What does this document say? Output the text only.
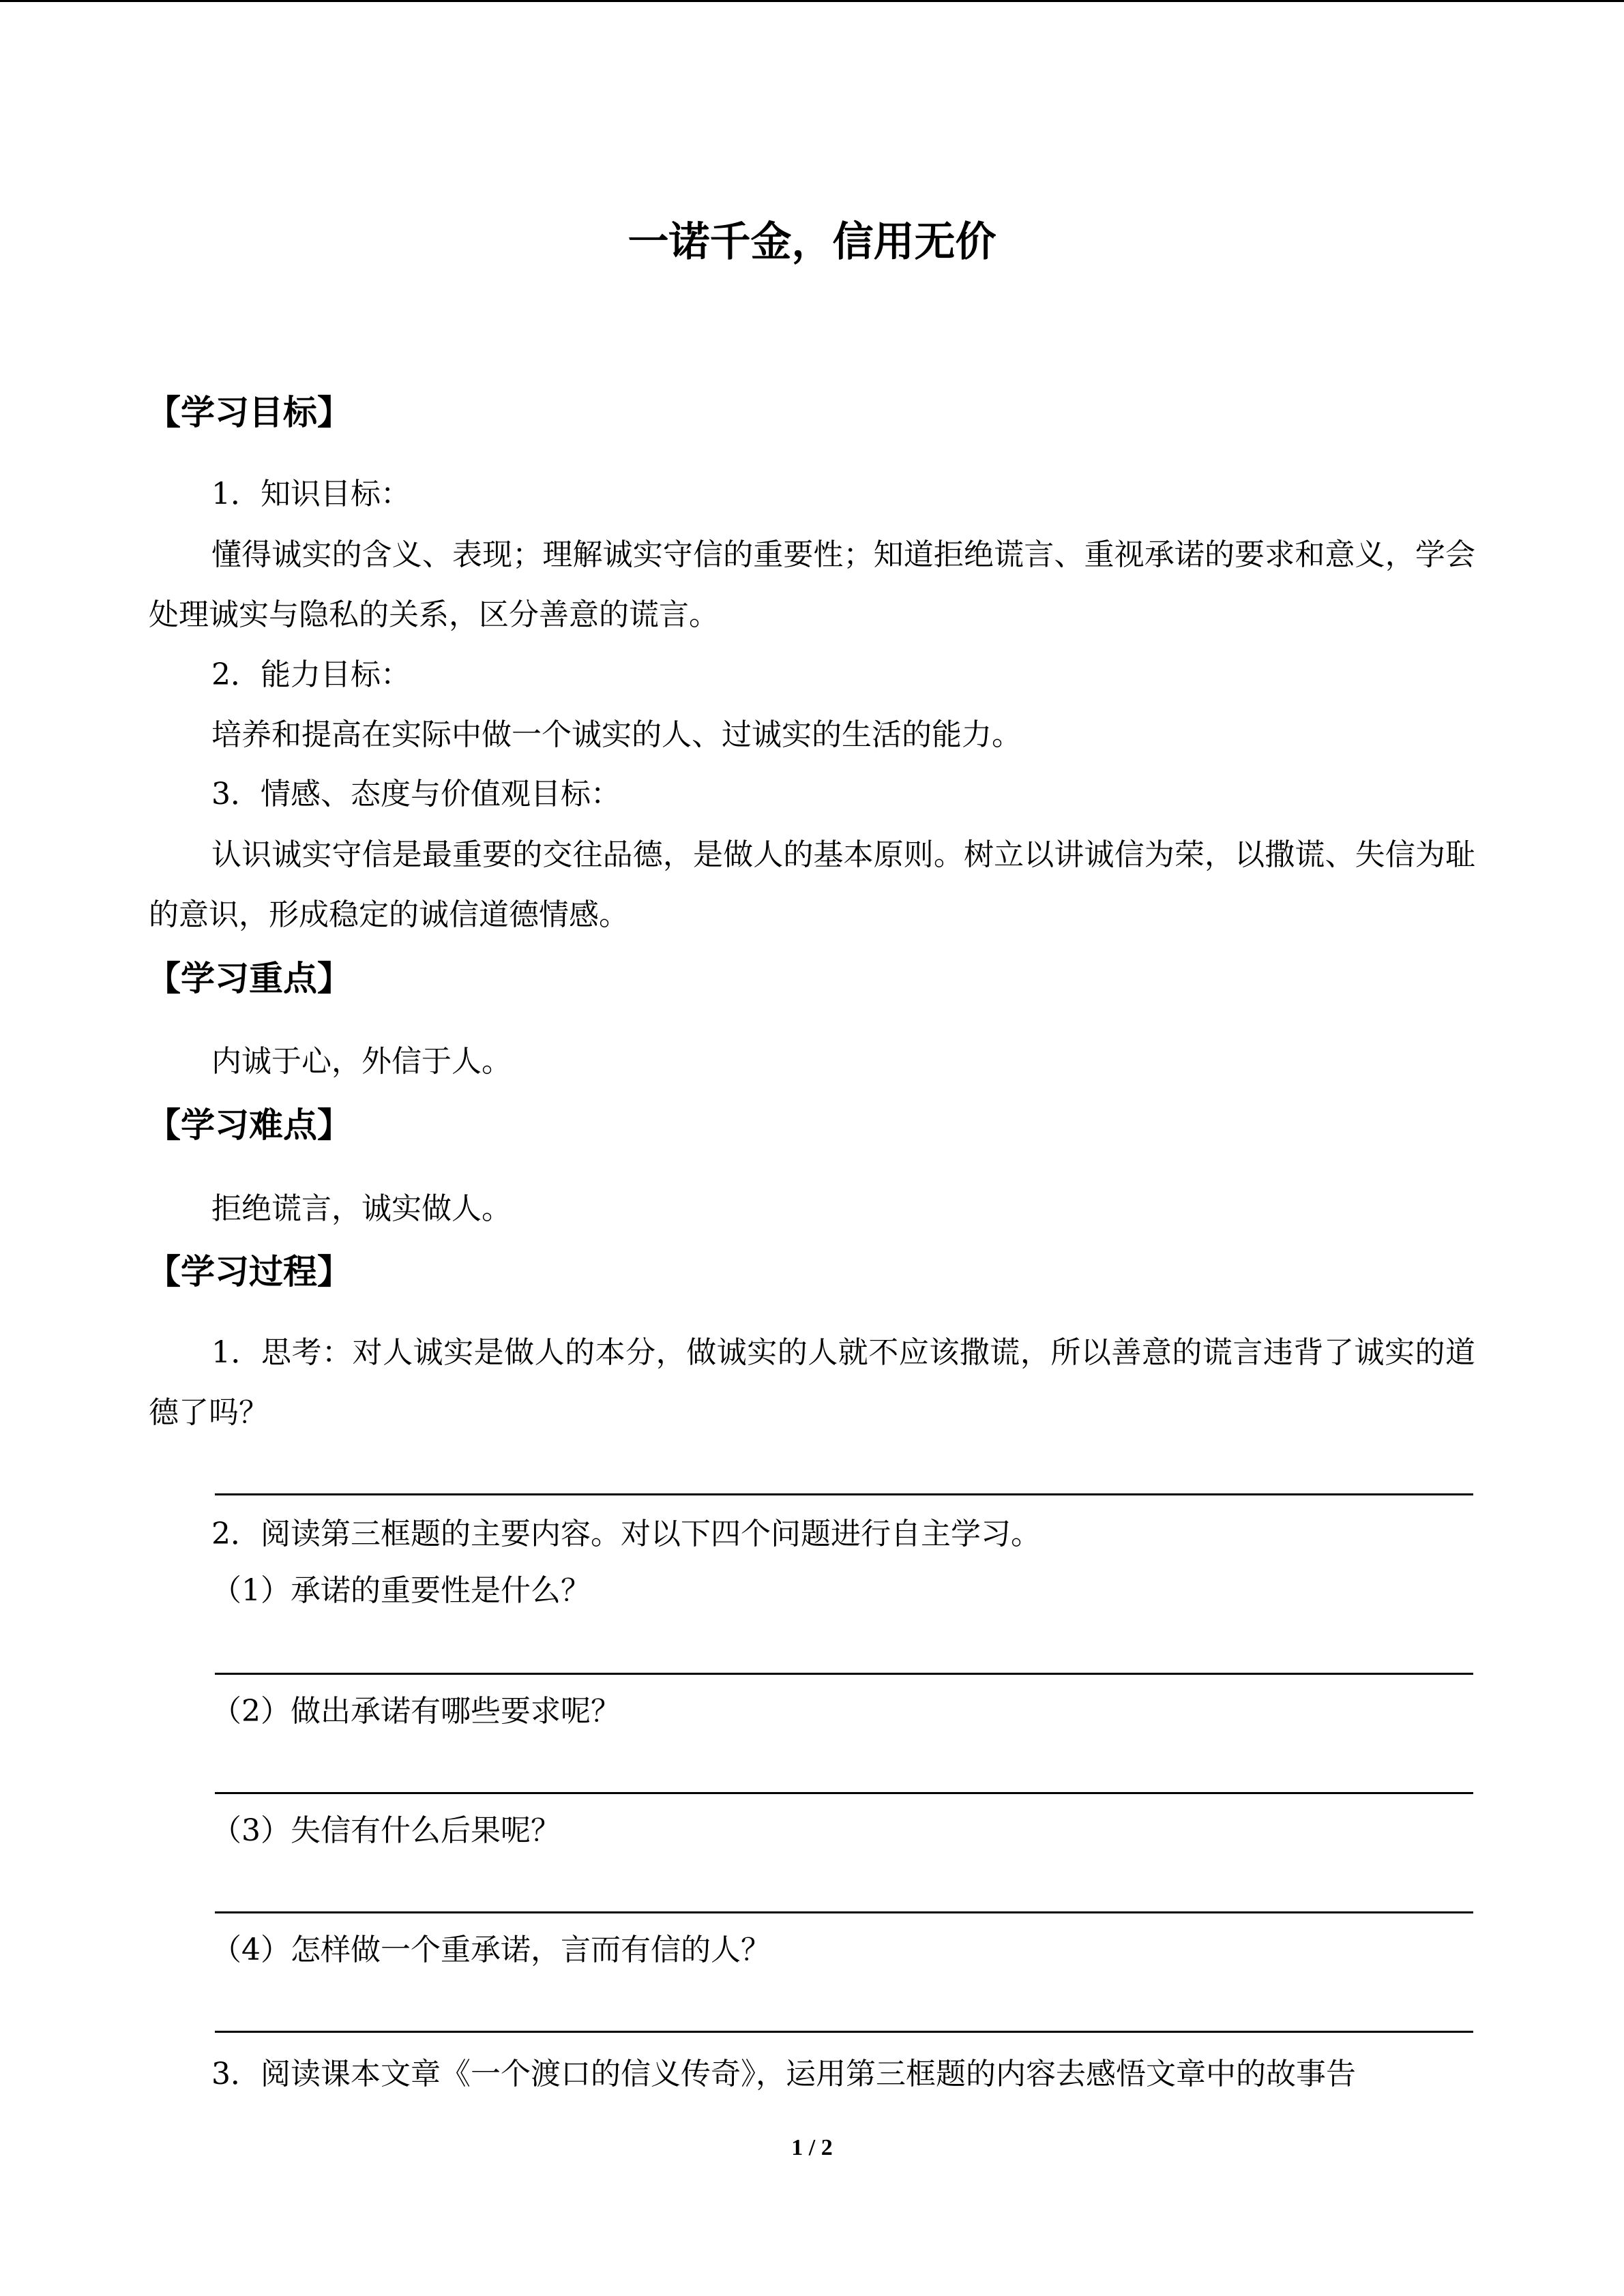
一诺千金，信用无价
【学习目标】
1．知识目标：
懂得诚实的含义、表现；理解诚实守信的重要性；知道拒绝谎言、重视承诺的要求和意义，学会处理诚实与隐私的关系，区分善意的谎言。
2．能力目标：
培养和提高在实际中做一个诚实的人、过诚实的生活的能力。
3．情感、态度与价值观目标：
认识诚实守信是最重要的交往品德，是做人的基本原则。树立以讲诚信为荣，以撒谎、失信为耻的意识，形成稳定的诚信道德情感。
【学习重点】
内诚于心，外信于人。
【学习难点】
拒绝谎言，诚实做人。
【学习过程】
1．思考：对人诚实是做人的本分，做诚实的人就不应该撒谎，所以善意的谎言违背了诚实的道德了吗？
2．阅读第三框题的主要内容。对以下四个问题进行自主学习。
（1）承诺的重要性是什么？
（2）做出承诺有哪些要求呢？
（3）失信有什么后果呢？
（4）怎样做一个重承诺，言而有信的人？
3．阅读课本文章《一个渡口的信义传奇》，运用第三框题的内容去感悟文章中的故事告
1 / 2
